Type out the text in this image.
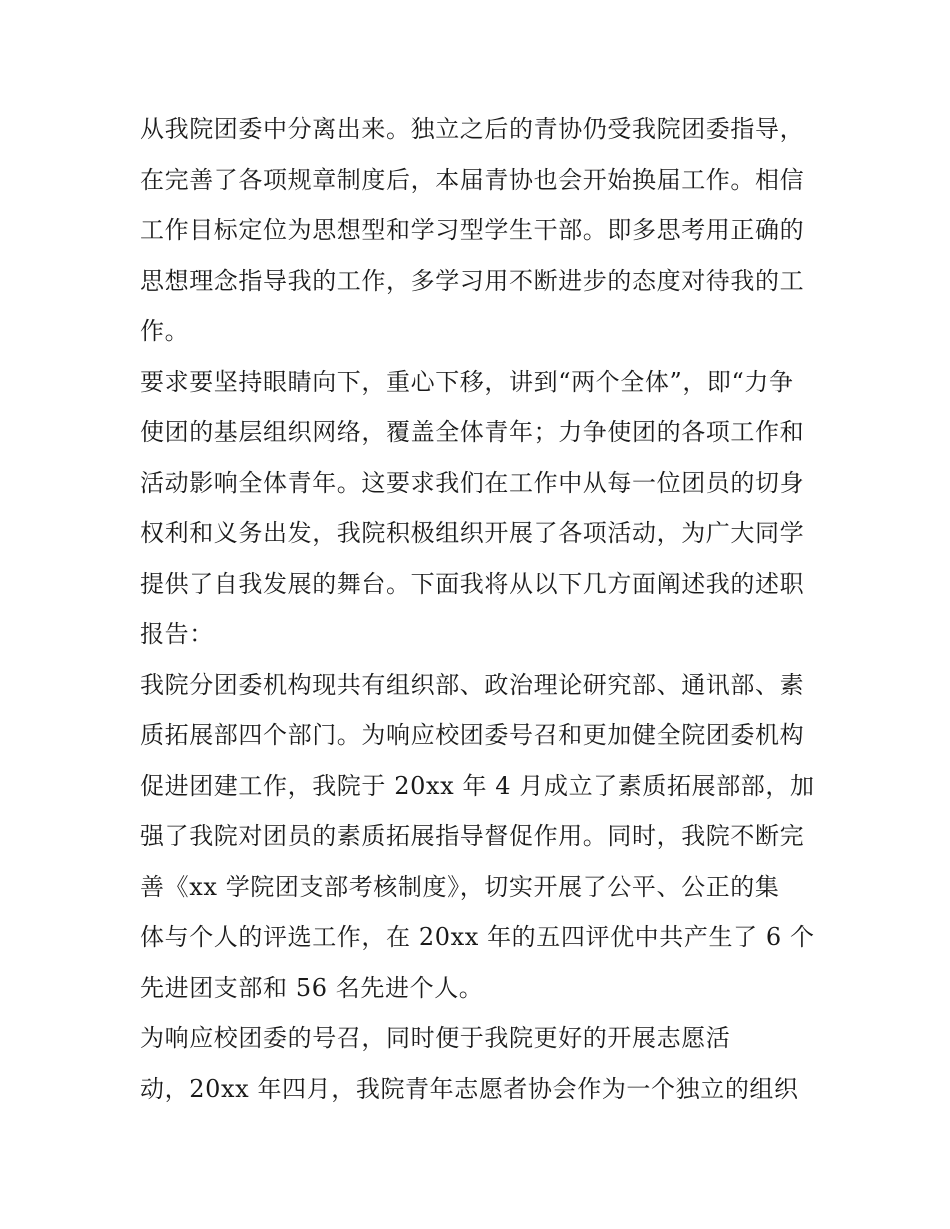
从我院团委中分离出来。独立之后的青协仍受我院团委指导，
在完善了各项规章制度后，本届青协也会开始换届工作。相信
工作目标定位为思想型和学习型学生干部。即多思考用正确的
思想理念指导我的工作，多学习用不断进步的态度对待我的工
作。
要求要坚持眼睛向下，重心下移，讲到“两个全体”，即“力争
使团的基层组织网络，覆盖全体青年；力争使团的各项工作和
活动影响全体青年。这要求我们在工作中从每一位团员的切身
权利和义务出发，我院积极组织开展了各项活动，为广大同学
提供了自我发展的舞台。下面我将从以下几方面阐述我的述职
报告：
我院分团委机构现共有组织部、政治理论研究部、通讯部、素
质拓展部四个部门。为响应校团委号召和更加健全院团委机构
促进团建工作，我院于 20xx 年 4 月成立了素质拓展部部，加
强了我院对团员的素质拓展指导督促作用。同时，我院不断完
善《xx 学院团支部考核制度》，切实开展了公平、公正的集
体与个人的评选工作，在 20xx 年的五四评优中共产生了 6 个
先进团支部和 56 名先进个人。
为响应校团委的号召，同时便于我院更好的开展志愿活
动，20xx 年四月，我院青年志愿者协会作为一个独立的组织
